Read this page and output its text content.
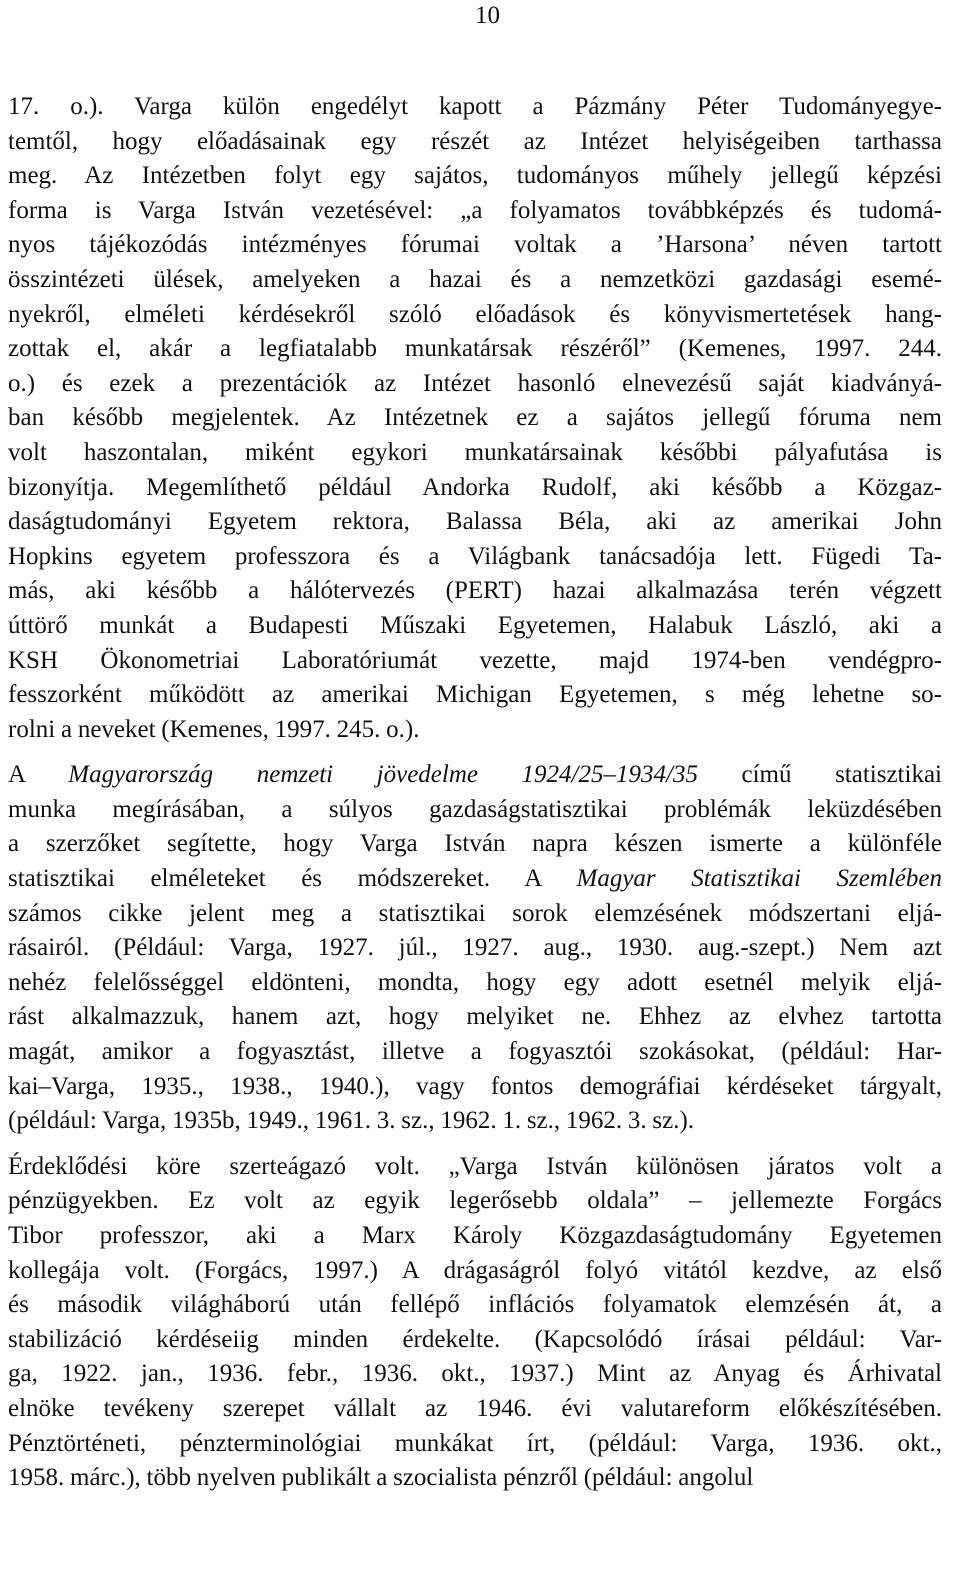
10

17. o.). Varga külön engedélyt kapott a Pázmány Péter Tudományegye-
temtől, hogy előadásainak egy részét az Intézet helyiségeiben tarthassa
meg. Az Intézetben folyt egy sajátos, tudományos műhely jellegű képzési
forma is Varga István vezetésével: „a folyamatos továbbképzés és tudomá-
nyos tájékozódás intézményes fórumai voltak a ’Harsona’ néven tartott
összintézeti ülések, amelyeken a hazai és a nemzetközi gazdasági esemé-
nyekről, elméleti kérdésekről szóló előadások és könyvismertetések hang-
zottak el, akár a legfiatalabb munkatársak részéről” (Kemenes, 1997. 244.
o.) és ezek a prezentációk az Intézet hasonló elnevezésű saját kiadványá-
ban később megjelentek. Az Intézetnek ez a sajátos jellegű fóruma nem
volt haszontalan, miként egykori munkatársainak későbbi pályafutása is
bizonyítja. Megemlíthető például Andorka Rudolf, aki később a Közgaz-
daságtudományi Egyetem rektora, Balassa Béla, aki az amerikai John
Hopkins egyetem professzora és a Világbank tanácsadója lett. Fügedi Ta-
más, aki később a hálótervezés (PERT) hazai alkalmazása terén végzett
úttörő munkát a Budapesti Műszaki Egyetemen, Halabuk László, aki a
KSH Ökonometriai Laboratóriumát vezette, majd 1974-ben vendégpro-
fesszorként működött az amerikai Michigan Egyetemen, s még lehetne so-
rolni a neveket (Kemenes, 1997. 245. o.).

A Magyarország nemzeti jövedelme 1924/25–1934/35 című statisztikai
munka megírásában, a súlyos gazdaságstatisztikai problémák leküzdésében
a szerzőket segítette, hogy Varga István napra készen ismerte a különféle
statisztikai elméleteket és módszereket. A Magyar Statisztikai Szemlében
számos cikke jelent meg a statisztikai sorok elemzésének módszertani eljá-
rásairól. (Például: Varga, 1927. júl., 1927. aug., 1930. aug.-szept.) Nem azt
nehéz felelősséggel eldönteni, mondta, hogy egy adott esetnél melyik eljá-
rást alkalmazzuk, hanem azt, hogy melyiket ne. Ehhez az elvhez tartotta
magát, amikor a fogyasztást, illetve a fogyasztói szokásokat, (például: Har-
kai–Varga, 1935., 1938., 1940.), vagy fontos demográfiai kérdéseket tárgyalt,
(például: Varga, 1935b, 1949., 1961. 3. sz., 1962. 1. sz., 1962. 3. sz.).

Érdeklődési köre szerteágazó volt. „Varga István különösen járatos volt a
pénzügyekben. Ez volt az egyik legerősebb oldala” – jellemezte Forgács
Tibor professzor, aki a Marx Károly Közgazdaságtudomány Egyetemen
kollegája volt. (Forgács, 1997.) A drágaságról folyó vitától kezdve, az első
és második világháború után fellépő inflációs folyamatok elemzésén át, a
stabilizáció kérdéseiig minden érdekelte. (Kapcsolódó írásai például: Var-
ga, 1922. jan., 1936. febr., 1936. okt., 1937.) Mint az Anyag és Árhivatal
elnöke tevékeny szerepet vállalt az 1946. évi valutareform előkészítésében.
Pénztörténeti, pénzterminológiai munkákat írt, (például: Varga, 1936. okt.,
1958. márc.), több nyelven publikált a szocialista pénzről (például: angolul
